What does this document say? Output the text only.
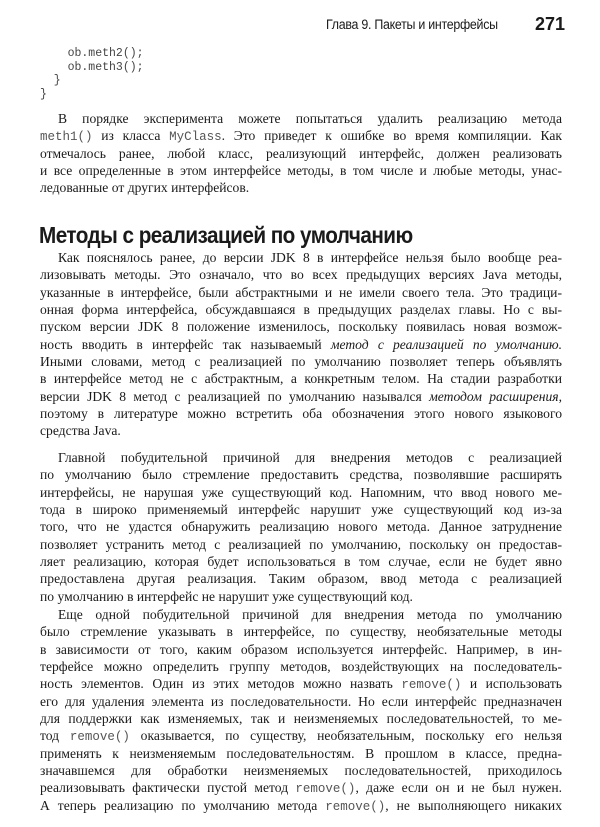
Глава 9. Пакеты и интерфейсы 271
ob.meth2();
ob.meth3();
}
}
В порядке эксперимента можете попытаться удалить реализацию метода
meth1() из класса MyClass. Это приведет к ошибке во время компиляции. Как
отмечалось ранее, любой класс, реализующий интерфейс, должен реализовать
и все определенные в этом интерфейсе методы, в том числе и любые методы, унас-
ледованные от других интерфейсов.
Методы с реализацией по умолчанию
Как пояснялось ранее, до версии JDK 8 в интерфейсе нельзя было вообще реа-
лизовывать методы. Это означало, что во всех предыдущих версиях Java методы,
указанные в интерфейсе, были абстрактными и не имели своего тела. Это традици-
онная форма интерфейса, обсуждавшаяся в предыдущих разделах главы. Но с вы-
пуском версии JDK 8 положение изменилось, поскольку появилась новая возмож-
ность вводить в интерфейс так называемый метод с реализацией по умолчанию.
Иными словами, метод с реализацией по умолчанию позволяет теперь объявлять
в интерфейсе метод не с абстрактным, а конкретным телом. На стадии разработки
версии JDK 8 метод с реализацией по умолчанию назывался методом расширения,
поэтому в литературе можно встретить оба обозначения этого нового языкового
средства Java.
Главной побудительной причиной для внедрения методов с реализацией
по умолчанию было стремление предоставить средства, позволявшие расширять
интерфейсы, не нарушая уже существующий код. Напомним, что ввод нового ме-
тода в широко применяемый интерфейс нарушит уже существующий код из-за
того, что не удастся обнаружить реализацию нового метода. Данное затруднение
позволяет устранить метод с реализацией по умолчанию, поскольку он предостав-
ляет реализацию, которая будет использоваться в том случае, если не будет явно
предоставлена другая реализация. Таким образом, ввод метода с реализацией
по умолчанию в интерфейс не нарушит уже существующий код.
Еще одной побудительной причиной для внедрения метода по умолчанию
было стремление указывать в интерфейсе, по существу, необязательные методы
в зависимости от того, каким образом используется интерфейс. Например, в ин-
терфейсе можно определить группу методов, воздействующих на последователь-
ность элементов. Один из этих методов можно назвать remove() и использовать
его для удаления элемента из последовательности. Но если интерфейс предназначен
для поддержки как изменяемых, так и неизменяемых последовательностей, то ме-
тод remove() оказывается, по существу, необязательным, поскольку его нельзя
применять к неизменяемым последовательностям. В прошлом в классе, предна-
значавшемся для обработки неизменяемых последовательностей, приходилось
реализовывать фактически пустой метод remove(), даже если он и не был нужен.
А теперь реализацию по умолчанию метода remove(), не выполняющего никаких
